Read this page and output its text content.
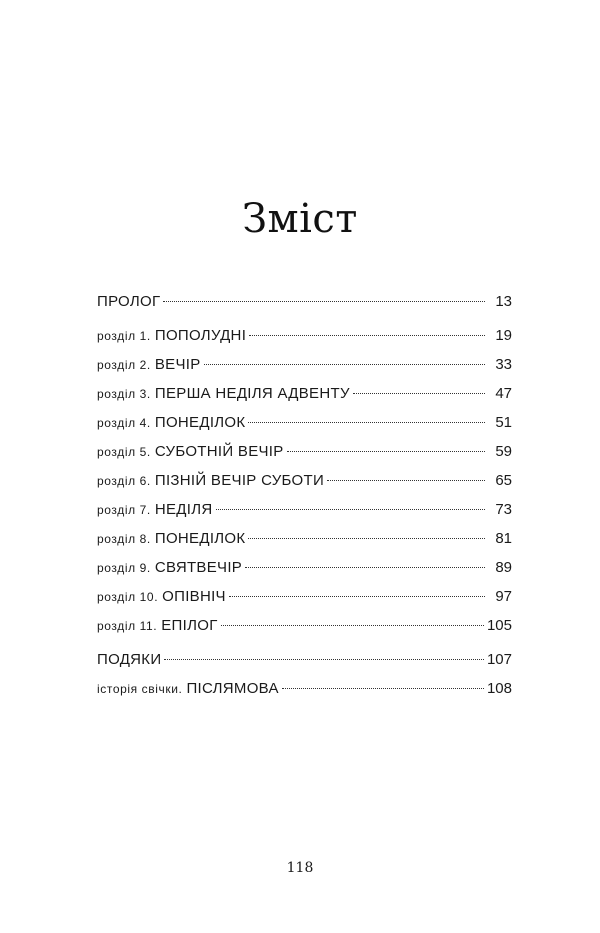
Зміст
ПРОЛОГ	13
розділ 1. ПОПОЛУДНІ	19
розділ 2. ВЕЧІР	33
розділ 3. ПЕРША НЕДІЛЯ АДВЕНТУ	47
розділ 4. ПОНЕДІЛОК	51
розділ 5. СУБОТНІЙ ВЕЧІР	59
розділ 6. ПІЗНІЙ ВЕЧІР СУБОТИ	65
розділ 7. НЕДІЛЯ	73
розділ 8. ПОНЕДІЛОК	81
розділ 9. СВЯТВЕЧІР	89
розділ 10. ОПІВНІЧ	97
розділ 11. ЕПІЛОГ	105
ПОДЯКИ	107
історія свічки. ПІСЛЯМОВА	108
118
